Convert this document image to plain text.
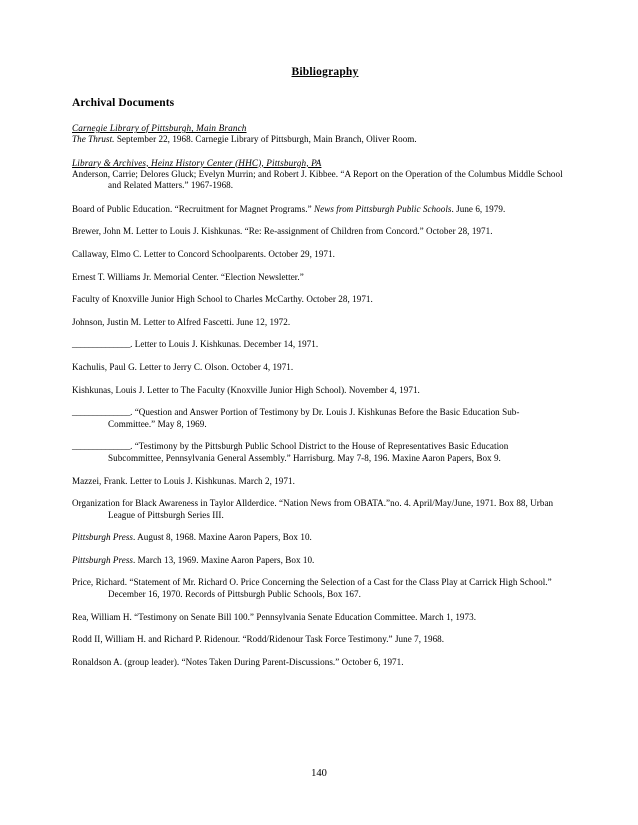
Bibliography
Archival Documents
Carnegie Library of Pittsburgh, Main Branch
The Thrust. September 22, 1968. Carnegie Library of Pittsburgh, Main Branch, Oliver Room.
Library & Archives, Heinz History Center (HHC), Pittsburgh, PA
Anderson, Carrie; Delores Gluck; Evelyn Murrin; and Robert J. Kibbee. “A Report on the Operation of the Columbus Middle School and Related Matters.” 1967-1968.
Board of Public Education. “Recruitment for Magnet Programs.” News from Pittsburgh Public Schools. June 6, 1979.
Brewer, John M. Letter to Louis J. Kishkunas. “Re: Re-assignment of Children from Concord.” October 28, 1971.
Callaway, Elmo C. Letter to Concord Schoolparents. October 29, 1971.
Ernest T. Williams Jr. Memorial Center. “Election Newsletter.”
Faculty of Knoxville Junior High School to Charles McCarthy. October 28, 1971.
Johnson, Justin M. Letter to Alfred Fascetti. June 12, 1972.
______________. Letter to Louis J. Kishkunas. December 14, 1971.
Kachulis, Paul G. Letter to Jerry C. Olson. October 4, 1971.
Kishkunas, Louis J. Letter to The Faculty (Knoxville Junior High School). November 4, 1971.
______________. “Question and Answer Portion of Testimony by Dr. Louis J. Kishkunas Before the Basic Education Sub-Committee.” May 8, 1969.
______________. “Testimony by the Pittsburgh Public School District to the House of Representatives Basic Education Subcommittee, Pennsylvania General Assembly.” Harrisburg. May 7-8, 196. Maxine Aaron Papers, Box 9.
Mazzei, Frank. Letter to Louis J. Kishkunas. March 2, 1971.
Organization for Black Awareness in Taylor Allderdice. “Nation News from OBATA.”no. 4. April/May/June, 1971. Box 88, Urban League of Pittsburgh Series III.
Pittsburgh Press. August 8, 1968. Maxine Aaron Papers, Box 10.
Pittsburgh Press. March 13, 1969. Maxine Aaron Papers, Box 10.
Price, Richard. “Statement of Mr. Richard O. Price Concerning the Selection of a Cast for the Class Play at Carrick High School.” December 16, 1970. Records of Pittsburgh Public Schools, Box 167.
Rea, William H. “Testimony on Senate Bill 100.” Pennsylvania Senate Education Committee. March 1, 1973.
Rodd II, William H. and Richard P. Ridenour. “Rodd/Ridenour Task Force Testimony.” June 7, 1968.
Ronaldson A. (group leader). “Notes Taken During Parent-Discussions.” October 6, 1971.
140
